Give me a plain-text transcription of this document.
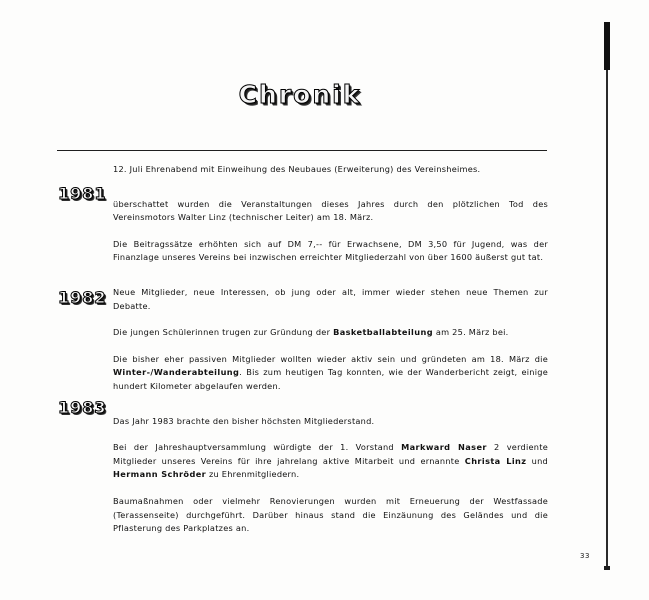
Chronik
1981
1982
1983

12. Juli Ehrenabend mit Einweihung des Neubaues (Erweiterung) des Vereinsheimes.

überschattet wurden die Veranstaltungen dieses Jahres durch den plötzlichen Tod des Vereinsmotors Walter Linz (technischer Leiter) am 18. März.

Die Beitragssätze erhöhten sich auf DM 7,-- für Erwachsene, DM 3,50 für Jugend, was der Finanzlage unseres Vereins bei inzwischen erreichter Mitgliederzahl von über 1600 äußerst gut tat.

Neue Mitglieder, neue Interessen, ob jung oder alt, immer wieder stehen neue Themen zur Debatte.

Die jungen Schülerinnen trugen zur Gründung der Basketballabteilung am 25. März bei.

Die bisher eher passiven Mitglieder wollten wieder aktiv sein und gründeten am 18. März die Winter-/Wanderabteilung. Bis zum heutigen Tag konnten, wie der Wanderbericht zeigt, einige hundert Kilometer abgelaufen werden.

Das Jahr 1983 brachte den bisher höchsten Mitgliederstand.

Bei der Jahreshauptversammlung würdigte der 1. Vorstand Markward Naser 2 verdiente Mitglieder unseres Vereins für ihre jahrelang aktive Mitarbeit und ernannte Christa Linz und Hermann Schröder zu Ehrenmitgliedern.

Baumaßnahmen oder vielmehr Renovierungen wurden mit Erneuerung der Westfassade (Terassenseite) durchgeführt. Darüber hinaus stand die Einzäunung des Geländes und die Pflasterung des Parkplatzes an.

33
